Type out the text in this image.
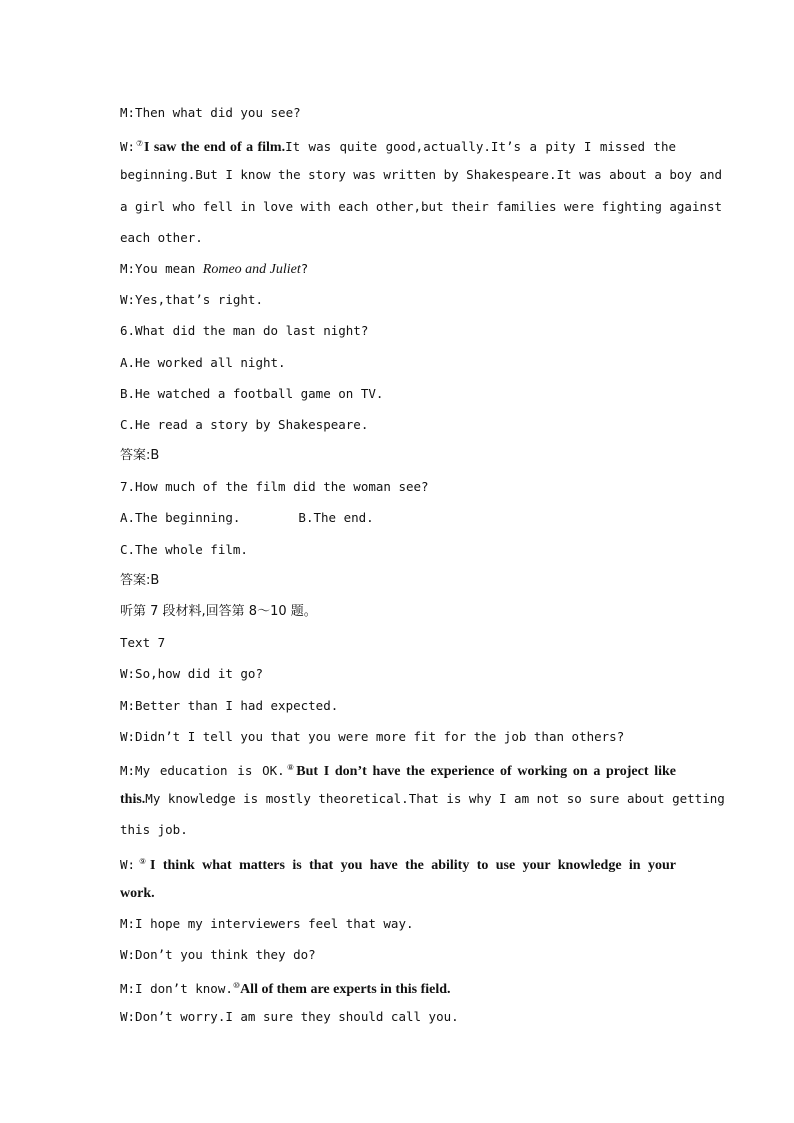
M:Then what did you see?
W:⑦I saw the end of a film.It was quite good,actually.It’s a pity I missed the
beginning.But I know the story was written by Shakespeare.It was about a boy and
a girl who fell in love with each other,but their families were fighting against
each other.
M:You mean Romeo and Juliet?
W:Yes,that’s right.
6.What did the man do last night?
A.He worked all night.
B.He watched a football game on TV.
C.He read a story by Shakespeare.
答案:B
7.How much of the film did the woman see?
A.The beginning.	B.The end.
C.The whole film.
答案:B
听第 7 段材料,回答第 8～10 题。
Text 7
W:So,how did it go?
M:Better than I had expected.
W:Didn’t I tell you that you were more fit for the job than others?
M:My education is OK.⑧But I don’t have the experience of working on a project like
this.My knowledge is mostly theoretical.That is why I am not so sure about getting
this job.
W:⑨I think what matters is that you have the ability to use your knowledge in your
work.
M:I hope my interviewers feel that way.
W:Don’t you think they do?
M:I don’t know.⑩All of them are experts in this field.
W:Don’t worry.I am sure they should call you.
